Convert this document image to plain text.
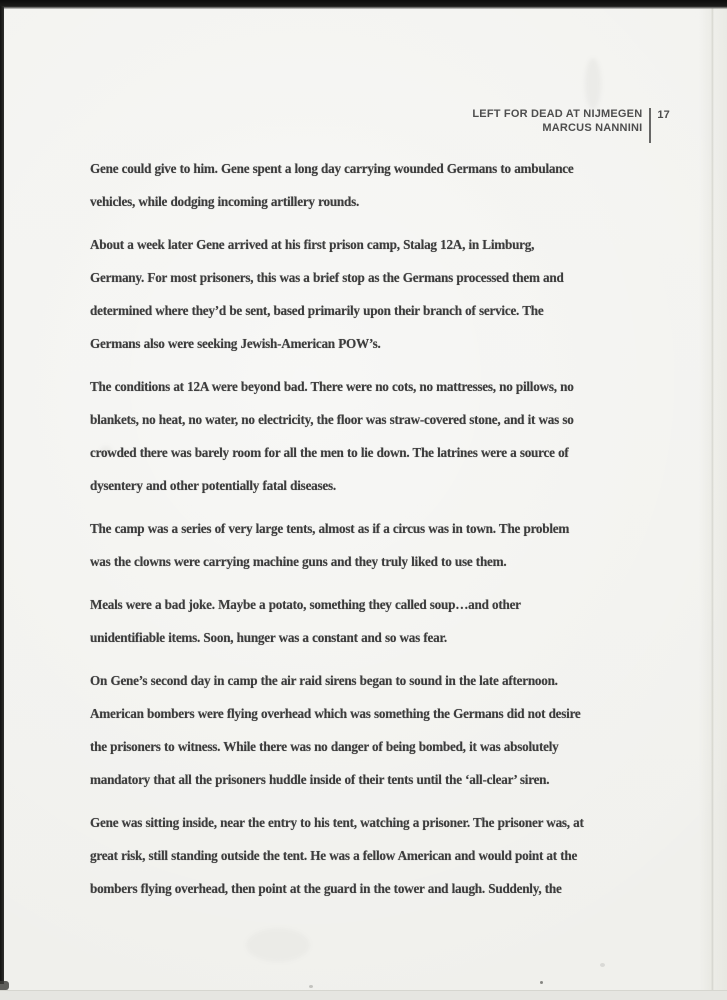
LEFT FOR DEAD AT NIJMEGEN
MARCUS NANNINI
17

Gene could give to him. Gene spent a long day carrying wounded Germans to ambulance
vehicles, while dodging incoming artillery rounds.

About a week later Gene arrived at his first prison camp, Stalag 12A, in Limburg,
Germany. For most prisoners, this was a brief stop as the Germans processed them and
determined where they’d be sent, based primarily upon their branch of service. The
Germans also were seeking Jewish-American POW’s.

The conditions at 12A were beyond bad. There were no cots, no mattresses, no pillows, no
blankets, no heat, no water, no electricity, the floor was straw-covered stone, and it was so
crowded there was barely room for all the men to lie down. The latrines were a source of
dysentery and other potentially fatal diseases.

The camp was a series of very large tents, almost as if a circus was in town. The problem
was the clowns were carrying machine guns and they truly liked to use them.

Meals were a bad joke. Maybe a potato, something they called soup…and other
unidentifiable items. Soon, hunger was a constant and so was fear.

On Gene’s second day in camp the air raid sirens began to sound in the late afternoon.
American bombers were flying overhead which was something the Germans did not desire
the prisoners to witness. While there was no danger of being bombed, it was absolutely
mandatory that all the prisoners huddle inside of their tents until the ‘all-clear’ siren.

Gene was sitting inside, near the entry to his tent, watching a prisoner. The prisoner was, at
great risk, still standing outside the tent. He was a fellow American and would point at the
bombers flying overhead, then point at the guard in the tower and laugh. Suddenly, the
